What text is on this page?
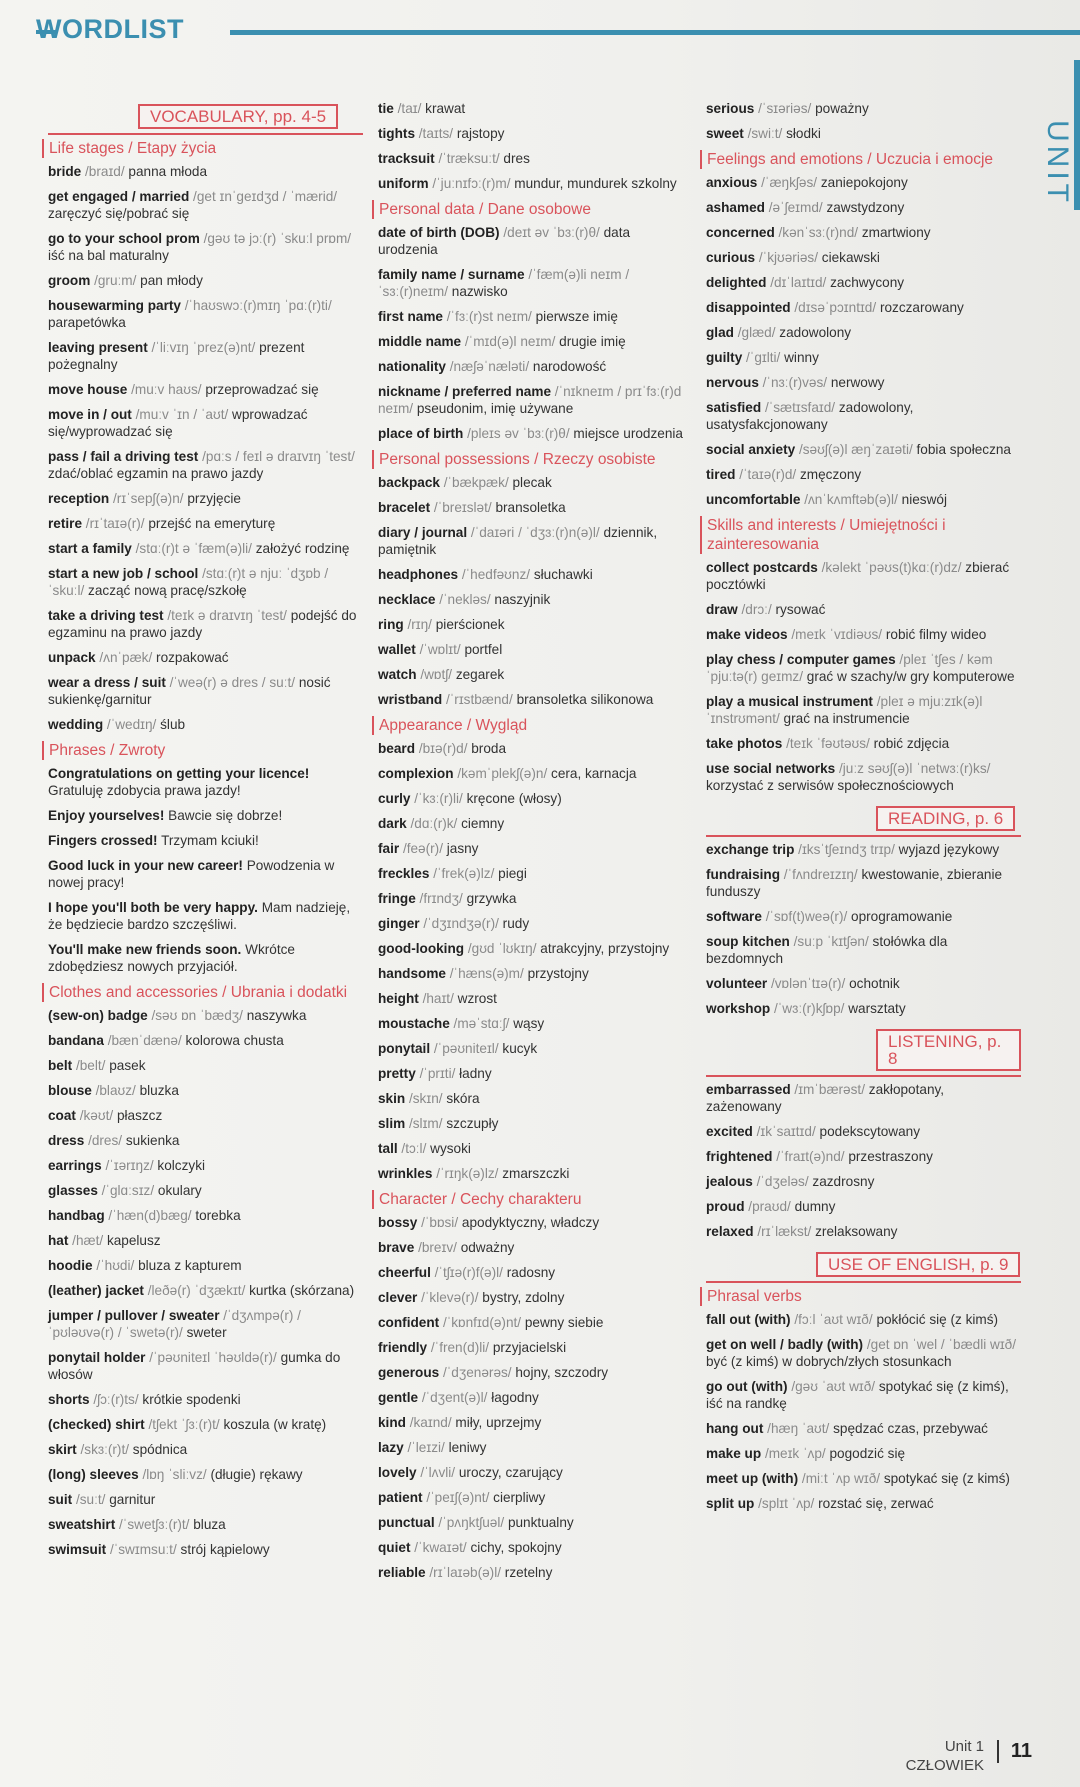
WORDLIST
UNIT
VOCABULARY, pp. 4-5
Life stages / Etapy życia
bride /braɪd/ panna młoda
get engaged / married /get ɪnˈgeɪdʒd / ˈmærid/ zaręczyć się/pobrać się
go to your school prom /gəʊ tə jɔː(r) ˈskuːl prɒm/ iść na bal maturalny
groom /gruːm/ pan młody
housewarming party /ˈhaʊswɔː(r)mɪŋ ˈpɑː(r)ti/ parapetówka
leaving present /ˈliːvɪŋ ˈprez(ə)nt/ prezent pożegnalny
move house /muːv haʊs/ przeprowadzać się
move in / out /muːv ˈɪn / ˈaʊt/ wprowadzać się/wyprowadzać się
pass / fail a driving test /pɑːs / feɪl ə draɪvɪŋ ˈtest/ zdać/oblać egzamin na prawo jazdy
reception /rɪˈsepʃ(ə)n/ przyjęcie
retire /rɪˈtaɪə(r)/ przejść na emeryturę
start a family /stɑː(r)t ə ˈfæm(ə)li/ założyć rodzinę
start a new job / school /stɑː(r)t ə njuː ˈdʒɒb / ˈskuːl/ zacząć nową pracę/szkołę
take a driving test /teɪk ə draɪvɪŋ ˈtest/ podejść do egzaminu na prawo jazdy
unpack /ʌnˈpæk/ rozpakować
wear a dress / suit /ˈweə(r) ə dres / suːt/ nosić sukienkę/garnitur
wedding /ˈwedɪŋ/ ślub
Phrases / Zwroty
Congratulations on getting your licence! Gratuluję zdobycia prawa jazdy!
Enjoy yourselves! Bawcie się dobrze!
Fingers crossed! Trzymam kciuki!
Good luck in your new career! Powodzenia w nowej pracy!
I hope you'll both be very happy. Mam nadzieję, że będziecie bardzo szczęśliwi.
You'll make new friends soon. Wkrótce zdobędziesz nowych przyjaciół.
Clothes and accessories / Ubrania i dodatki
(sew-on) badge /səʊ ɒn ˈbædʒ/ naszywka
bandana /bænˈdænə/ kolorowa chusta
belt /belt/ pasek
blouse /blaʊz/ bluzka
coat /kəʊt/ płaszcz
dress /dres/ sukienka
earrings /ˈɪərɪŋz/ kolczyki
glasses /ˈglɑːsɪz/ okulary
handbag /ˈhæn(d)bæg/ torebka
hat /hæt/ kapelusz
hoodie /ˈhʊdi/ bluza z kapturem
(leather) jacket /leðə(r) ˈdʒækɪt/ kurtka (skórzana)
jumper / pullover / sweater /ˈdʒʌmpə(r) / ˈpʊləʊvə(r) / ˈswetə(r)/ sweter
ponytail holder /ˈpəʊniteɪl ˈhəʊldə(r)/ gumka do włosów
shorts /ʃɔː(r)ts/ krótkie spodenki
(checked) shirt /tʃekt ˈʃɜː(r)t/ koszula (w kratę)
skirt /skɜː(r)t/ spódnica
(long) sleeves /lɒŋ ˈsliːvz/ (długie) rękawy
suit /suːt/ garnitur
sweatshirt /ˈswetʃɜː(r)t/ bluza
swimsuit /ˈswɪmsuːt/ strój kąpielowy
tie /taɪ/ krawat
tights /taɪts/ rajstopy
tracksuit /ˈtræksuːt/ dres
uniform /ˈjuːnɪfɔː(r)m/ mundur, mundurek szkolny
Personal data / Dane osobowe
date of birth (DOB) /deɪt əv ˈbɜː(r)θ/ data urodzenia
family name / surname /ˈfæm(ə)li neɪm / ˈsɜː(r)neɪm/ nazwisko
first name /ˈfɜː(r)st neɪm/ pierwsze imię
middle name /ˈmɪd(ə)l neɪm/ drugie imię
nationality /næʃəˈnæləti/ narodowość
nickname / preferred name /ˈnɪkneɪm / prɪˈfɜː(r)d neɪm/ pseudonim, imię używane
place of birth /pleɪs əv ˈbɜː(r)θ/ miejsce urodzenia
Personal possessions / Rzeczy osobiste
backpack /ˈbækpæk/ plecak
bracelet /ˈbreɪslət/ bransoletka
diary / journal /ˈdaɪəri / ˈdʒɜː(r)n(ə)l/ dziennik, pamiętnik
headphones /ˈhedfəʊnz/ słuchawki
necklace /ˈnekləs/ naszyjnik
ring /rɪŋ/ pierścionek
wallet /ˈwɒlɪt/ portfel
watch /wɒtʃ/ zegarek
wristband /ˈrɪstbænd/ bransoletka silikonowa
Appearance / Wygląd
beard /bɪə(r)d/ broda
complexion /kəmˈplekʃ(ə)n/ cera, karnacja
curly /ˈkɜː(r)li/ kręcone (włosy)
dark /dɑː(r)k/ ciemny
fair /feə(r)/ jasny
freckles /ˈfrek(ə)lz/ piegi
fringe /frɪndʒ/ grzywka
ginger /ˈdʒɪndʒə(r)/ rudy
good-looking /gʊd ˈlʊkɪŋ/ atrakcyjny, przystojny
handsome /ˈhæns(ə)m/ przystojny
height /haɪt/ wzrost
moustache /məˈstɑːʃ/ wąsy
ponytail /ˈpəʊniteɪl/ kucyk
pretty /ˈprɪti/ ładny
skin /skɪn/ skóra
slim /slɪm/ szczupły
tall /tɔːl/ wysoki
wrinkles /ˈrɪŋk(ə)lz/ zmarszczki
Character / Cechy charakteru
bossy /ˈbɒsi/ apodyktyczny, władczy
brave /breɪv/ odważny
cheerful /ˈtʃɪə(r)f(ə)l/ radosny
clever /ˈklevə(r)/ bystry, zdolny
confident /ˈkɒnfɪd(ə)nt/ pewny siebie
friendly /ˈfren(d)li/ przyjacielski
generous /ˈdʒenərəs/ hojny, szczodry
gentle /ˈdʒent(ə)l/ łagodny
kind /kaɪnd/ miły, uprzejmy
lazy /ˈleɪzi/ leniwy
lovely /ˈlʌvli/ uroczy, czarujący
patient /ˈpeɪʃ(ə)nt/ cierpliwy
punctual /ˈpʌŋktʃuəl/ punktualny
quiet /ˈkwaɪət/ cichy, spokojny
reliable /rɪˈlaɪəb(ə)l/ rzetelny
serious /ˈsɪəriəs/ poważny
sweet /swiːt/ słodki
Feelings and emotions / Uczucia i emocje
anxious /ˈæŋkʃəs/ zaniepokojony
ashamed /əˈʃeɪmd/ zawstydzony
concerned /kənˈsɜː(r)nd/ zmartwiony
curious /ˈkjʊəriəs/ ciekawski
delighted /dɪˈlaɪtɪd/ zachwycony
disappointed /dɪsəˈpɔɪntɪd/ rozczarowany
glad /glæd/ zadowolony
guilty /ˈgɪlti/ winny
nervous /ˈnɜː(r)vəs/ nerwowy
satisfied /ˈsætɪsfaɪd/ zadowolony, usatysfakcjonowany
social anxiety /səʊʃ(ə)l æŋˈzaɪəti/ fobia społeczna
tired /ˈtaɪə(r)d/ zmęczony
uncomfortable /ʌnˈkʌmftəb(ə)l/ nieswój
Skills and interests / Umiejętności i zainteresowania
collect postcards /kəlekt ˈpəʊs(t)kɑː(r)dz/ zbierać pocztówki
draw /drɔː/ rysować
make videos /meɪk ˈvɪdiəʊs/ robić filmy wideo
play chess / computer games /pleɪ ˈtʃes / kəmˈpjuːtə(r) geɪmz/ grać w szachy/w gry komputerowe
play a musical instrument /pleɪ ə mjuːzɪk(ə)l ˈɪnstrʊmənt/ grać na instrumencie
take photos /teɪk ˈfəʊtəʊs/ robić zdjęcia
use social networks /juːz səʊʃ(ə)l ˈnetwɜː(r)ks/ korzystać z serwisów społecznościowych
READING, p. 6
exchange trip /ɪksˈtʃeɪndʒ trɪp/ wyjazd językowy
fundraising /ˈfʌndreɪzɪŋ/ kwestowanie, zbieranie funduszy
software /ˈsɒf(t)weə(r)/ oprogramowanie
soup kitchen /suːp ˈkɪtʃən/ stołówka dla bezdomnych
volunteer /vɒlənˈtɪə(r)/ ochotnik
workshop /ˈwɜː(r)kʃɒp/ warsztaty
LISTENING, p. 8
embarrassed /ɪmˈbærəst/ zakłopotany, zażenowany
excited /ɪkˈsaɪtɪd/ podekscytowany
frightened /ˈfraɪt(ə)nd/ przestraszony
jealous /ˈdʒeləs/ zazdrosny
proud /praʊd/ dumny
relaxed /rɪˈlækst/ zrelaksowany
USE OF ENGLISH, p. 9
Phrasal verbs
fall out (with) /fɔːl ˈaʊt wɪð/ pokłócić się (z kimś)
get on well / badly (with) /get ɒn ˈwel / ˈbædli wɪð/ być (z kimś) w dobrych/złych stosunkach
go out (with) /gəʊ ˈaʊt wɪð/ spotykać się (z kimś), iść na randkę
hang out /hæŋ ˈaʊt/ spędzać czas, przebywać
make up /meɪk ˈʌp/ pogodzić się
meet up (with) /miːt ˈʌp wɪð/ spotykać się (z kimś)
split up /splɪt ˈʌp/ rozstać się, zerwać
Unit 1
CZŁOWIEK
11
